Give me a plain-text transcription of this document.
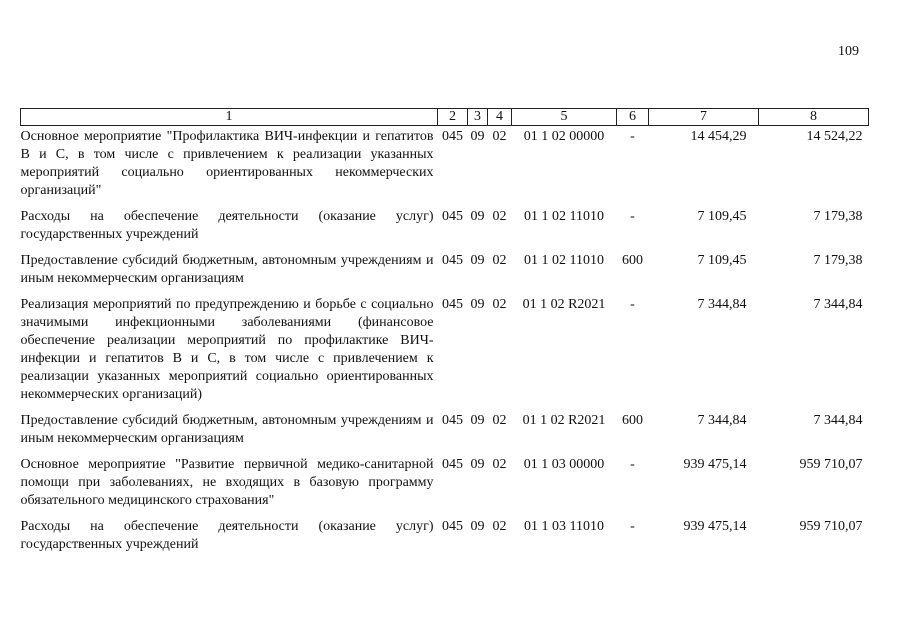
109
1	2	3	4	5	6	7	8
Основное мероприятие "Профилактика ВИЧ-инфекции и гепатитов В и С, в том числе с привлечением к реализации указанных мероприятий социально ориентированных некоммерческих организаций"	045	09	02	01 1 02 00000	-	14 454,29	14 524,22
Расходы на обеспечение деятельности (оказание услуг) государственных учреждений	045	09	02	01 1 02 11010	-	7 109,45	7 179,38
Предоставление субсидий бюджетным, автономным учреждениям и иным некоммерческим организациям	045	09	02	01 1 02 11010	600	7 109,45	7 179,38
Реализация мероприятий по предупреждению и борьбе с социально значимыми инфекционными заболеваниями (финансовое обеспечение реализации мероприятий по профилактике ВИЧ-инфекции и гепатитов В и С, в том числе с привлечением к реализации указанных мероприятий социально ориентированных некоммерческих организаций)	045	09	02	01 1 02 R2021	-	7 344,84	7 344,84
Предоставление субсидий бюджетным, автономным учреждениям и иным некоммерческим организациям	045	09	02	01 1 02 R2021	600	7 344,84	7 344,84
Основное мероприятие "Развитие первичной медико-санитарной помощи при заболеваниях, не входящих в базовую программу обязательного медицинского страхования"	045	09	02	01 1 03 00000	-	939 475,14	959 710,07
Расходы на обеспечение деятельности (оказание услуг) государственных учреждений	045	09	02	01 1 03 11010	-	939 475,14	959 710,07
